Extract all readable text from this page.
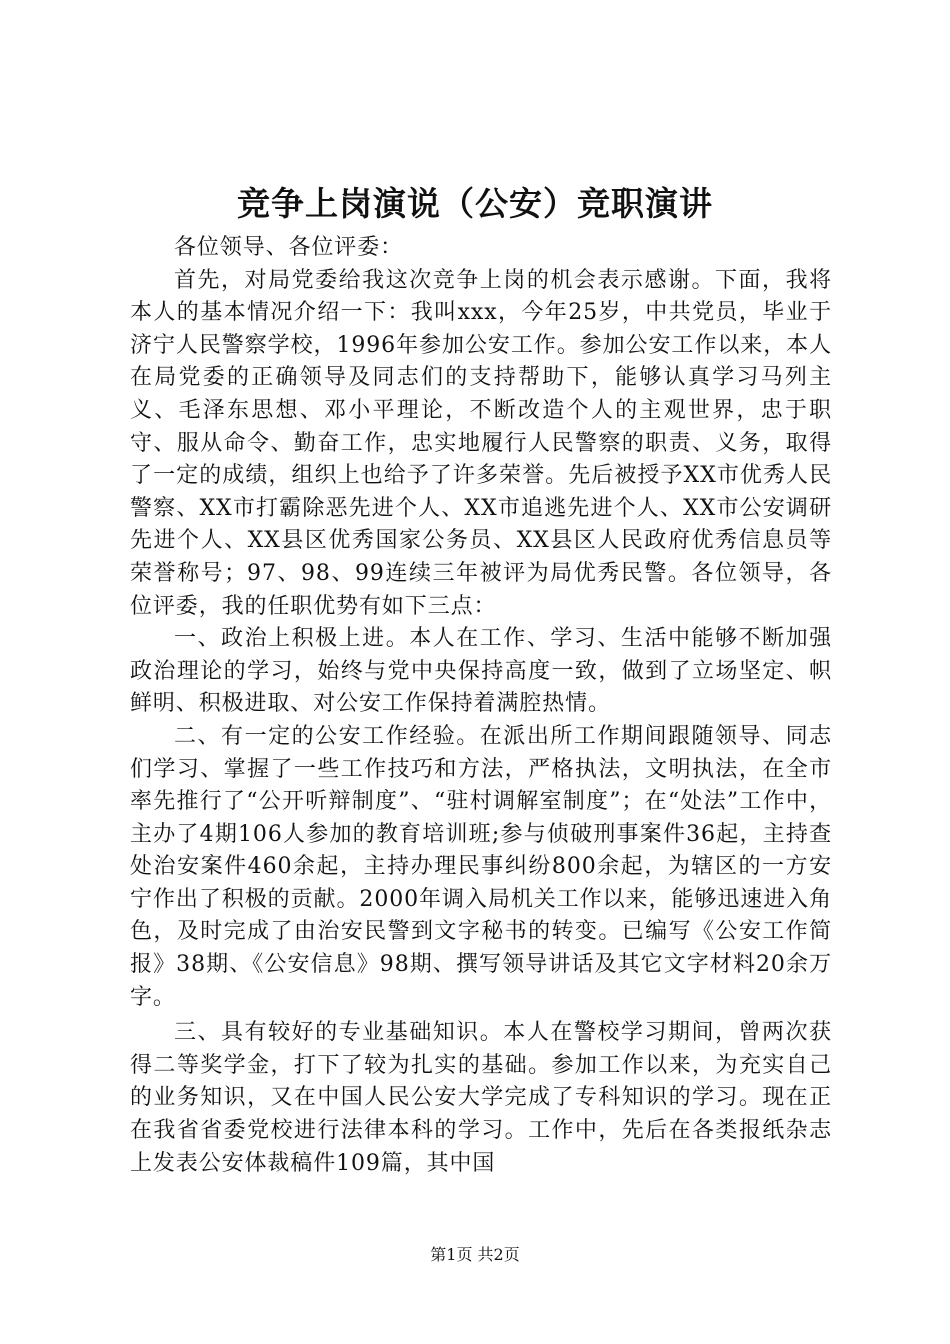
竞争上岗演说（公安）竞职演讲

各位领导、各位评委：

首先，对局党委给我这次竞争上岗的机会表示感谢。下面，我将本人的基本情况介绍一下：我叫xxx，今年25岁，中共党员，毕业于济宁人民警察学校，1996年参加公安工作。参加公安工作以来，本人在局党委的正确领导及同志们的支持帮助下，能够认真学习马列主义、毛泽东思想、邓小平理论，不断改造个人的主观世界，忠于职守、服从命令、勤奋工作，忠实地履行人民警察的职责、义务，取得了一定的成绩，组织上也给予了许多荣誉。先后被授予XX市优秀人民警察、XX市打霸除恶先进个人、XX市追逃先进个人、XX市公安调研先进个人、XX县区优秀国家公务员、XX县区人民政府优秀信息员等荣誉称号；97、98、99连续三年被评为局优秀民警。各位领导，各位评委，我的任职优势有如下三点：

一、政治上积极上进。本人在工作、学习、生活中能够不断加强政治理论的学习，始终与党中央保持高度一致，做到了立场坚定、帜鲜明、积极进取、对公安工作保持着满腔热情。

二、有一定的公安工作经验。在派出所工作期间跟随领导、同志们学习、掌握了一些工作技巧和方法，严格执法，文明执法，在全市率先推行了“公开听辩制度”、“驻村调解室制度”；在“处法”工作中，主办了4期106人参加的教育培训班;参与侦破刑事案件36起，主持查处治安案件460余起，主持办理民事纠纷800余起，为辖区的一方安宁作出了积极的贡献。2000年调入局机关工作以来，能够迅速进入角色，及时完成了由治安民警到文字秘书的转变。已编写《公安工作简报》38期、《公安信息》98期、撰写领导讲话及其它文字材料20余万字。

三、具有较好的专业基础知识。本人在警校学习期间，曾两次获得二等奖学金，打下了较为扎实的基础。参加工作以来，为充实自己的业务知识，又在中国人民公安大学完成了专科知识的学习。现在正在我省省委党校进行法律本科的学习。工作中，先后在各类报纸杂志上发表公安体裁稿件109篇，其中国

第1页 共2页
